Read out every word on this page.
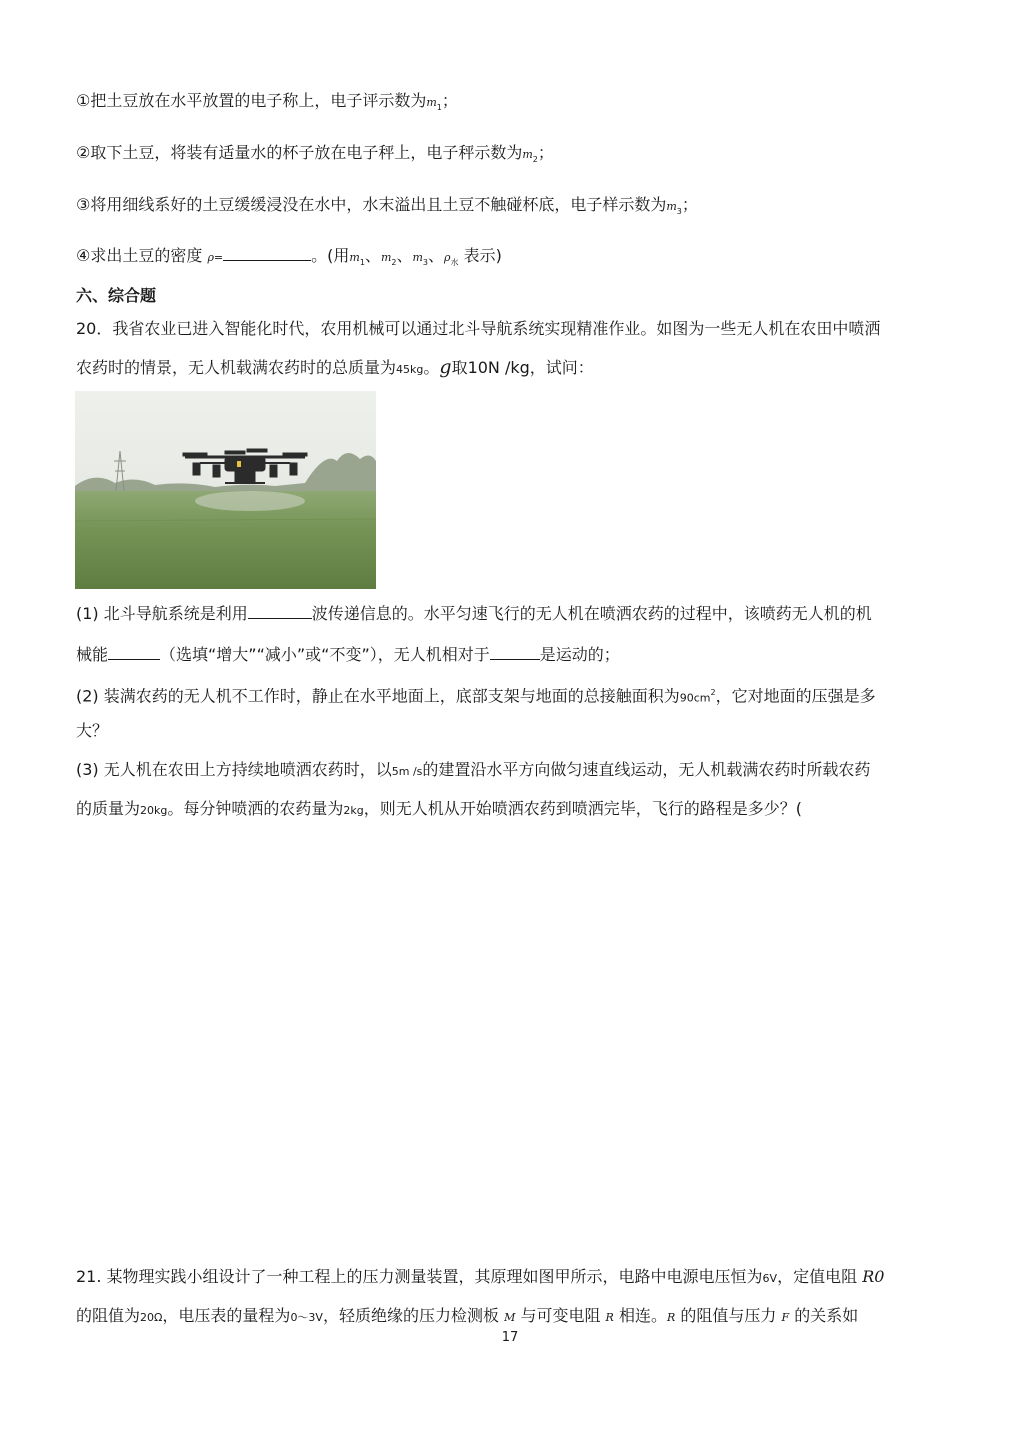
①把土豆放在水平放置的电子称上，电子评示数为$m_1$；
②取下土豆，将装有适量水的杯子放在电子秤上，电子秤示数为$m_2$；
③将用细线系好的土豆缓缓浸没在水中，水末溢出且土豆不触碰杯底，电子样示数为$m_3$；
④求出土豆的密度 ρ=	。(用$m_1$、$m_2$、$m_3$、$\rho_水$ 表示)
六、综合题
20．我省农业已进入智能化时代，农用机械可以通过北斗导航系统实现精准作业。如图为一些无人机在农田中喷洒
农药时的情景，无人机载满农药时的总质量为45kg。g取10N /kg，试问：
(1) 北斗导航系统是利用	波传递信息的。水平匀速飞行的无人机在喷洒农药的过程中，该喷药无人机的机
械能	（选填“增大”“减小”或“不变”），无人机相对于	是运动的；
(2) 装满农药的无人机不工作时，静止在水平地面上，底部支架与地面的总接触面积为$90cm^2$，它对地面的压强是多
大？
(3) 无人机在农田上方持续地喷洒农药时，以5m /s的建置沿水平方向做匀速直线运动，无人机载满农药时所载农药
的质量为20kg。每分钟喷洒的农药量为2kg，则无人机从开始喷洒农药到喷洒完毕，飞行的路程是多少？(
21. 某物理实践小组设计了一种工程上的压力测量装置，其原理如图甲所示，电路中电源电压恒为6V，定值电阻 R0
的阻值为20Ω，电压表的量程为0～3V，轻质绝缘的压力检测板 M 与可变电阻 R 相连。R 的阻值与压力 F 的关系如
17
